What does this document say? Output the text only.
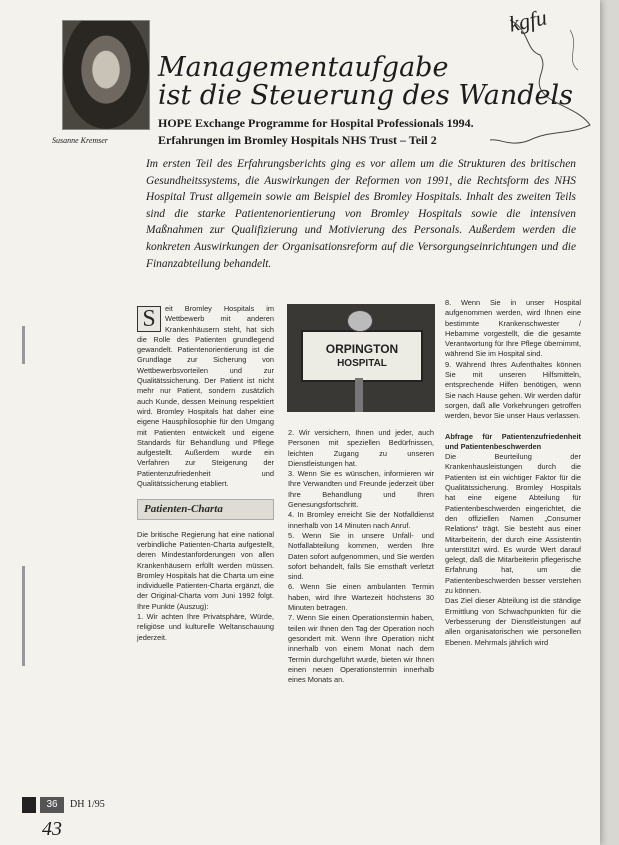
Susanne Kremser
kgfu
Managementaufgabe
ist die Steuerung des Wandels
HOPE Exchange Programme for Hospital Professionals 1994.
Erfahrungen im Bromley Hospitals NHS Trust – Teil 2
Im ersten Teil des Erfahrungsberichts ging es vor allem um die Strukturen des britischen Gesundheitssystems, die Auswirkungen der Reformen von 1991, die Rechtsform des NHS Hospital Trust allgemein sowie am Beispiel des Bromley Hospitals. Inhalt des zweiten Teils sind die starke Patientenorientierung von Bromley Hospitals sowie die intensiven Maßnahmen zur Qualifizierung und Motivierung des Personals. Außerdem werden die konkreten Auswirkungen der Organisationsreform auf die Versorgungseinrichtungen und die Finanzabteilung behandelt.
S	eit Bromley Hospitals im Wettbewerb mit anderen Krankenhäusern steht, hat sich die Rolle des Patienten grundlegend gewandelt. Patientenorientierung ist die Grundlage zur Sicherung von Wettbewerbsvorteilen und zur Qualitätssicherung. Der Patient ist nicht mehr nur Patient, sondern zusätzlich auch Kunde, dessen Meinung respektiert wird. Bromley Hospitals hat daher eine eigene Hausphilosophie für den Umgang mit Patienten entwickelt und eigene Standards für Behandlung und Pflege aufgestellt. Außerdem wurde ein Verfahren zur Steigerung der Patientenzufriedenheit und Qualitätssicherung etabliert.

Patienten-Charta

Die britische Regierung hat eine national verbindliche Patienten-Charta aufgestellt, deren Mindestanforderungen von allen Krankenhäusern erfüllt werden müssen. Bromley Hospitals hat die Charta um eine individuelle Patienten-Charta ergänzt, die der Original-Charta vom Juni 1992 folgt. Ihre Punkte (Auszug):

1. Wir achten Ihre Privatsphäre, Würde, religiöse und kulturelle Weltanschauung jederzeit.

ORPINGTON
HOSPITAL

2. Wir versichern, Ihnen und jeder, auch Personen mit speziellen Bedürfnissen, leichten Zugang zu unseren Dienstleistungen hat.

3. Wenn Sie es wünschen, informieren wir Ihre Verwandten und Freunde jederzeit über Ihre Behandlung und Ihren Genesungsfortschritt.

4. In Bromley erreicht Sie der Notfalldienst innerhalb von 14 Minuten nach Anruf.

5. Wenn Sie in unsere Unfall- und Notfallabteilung kommen, werden Ihre Daten sofort aufgenommen, und Sie werden sofort behandelt, falls Sie ernsthaft verletzt sind.

6. Wenn Sie einen ambulanten Termin haben, wird Ihre Wartezeit höchstens 30 Minuten betragen.

7. Wenn Sie einen Operationstermin haben, teilen wir Ihnen den Tag der Operation noch gesondert mit. Wenn Ihre Operation nicht innerhalb von einem Monat nach dem Termin durchgeführt wurde, bieten wir Ihnen einen neuen Operationstermin innerhalb eines Monats an.

8. Wenn Sie in unser Hospital aufgenommen werden, wird Ihnen eine bestimmte Krankenschwester / Hebamme vorgestellt, die die gesamte Verantwortung für Ihre Pflege übernimmt, während Sie im Hospital sind.

9. Während Ihres Aufenthaltes können Sie mit unseren Hilfsmitteln, entsprechende Hilfen benötigen, wenn Sie nach Hause gehen. Wir werden dafür sorgen, daß alle Vorkehrungen getroffen werden, bevor Sie unser Haus verlassen.

Abfrage für Patientenzufriedenheit und Patientenbeschwerden

Die Beurteilung der Krankenhausleistungen durch die Patienten ist ein wichtiger Faktor für die Qualitätssicherung. Bromley Hospitals hat eine eigene Abteilung für Patientenbeschwerden eingerichtet, die den offiziellen Namen „Consumer Relations“ trägt. Sie besteht aus einer Mitarbeiterin, der durch eine Assistentin unterstützt wird. Es wurde Wert darauf gelegt, daß die Mitarbeiterin pflegerische Erfahrung hat, um die Patientenbeschwerden besser verstehen zu können.

Das Ziel dieser Abteilung ist die ständige Ermittlung von Schwachpunkten für die Verbesserung der Dienstleistungen auf allen organisatorischen wie personellen Ebenen. Mehrmals jährlich wird

36	DH 1/95
43
